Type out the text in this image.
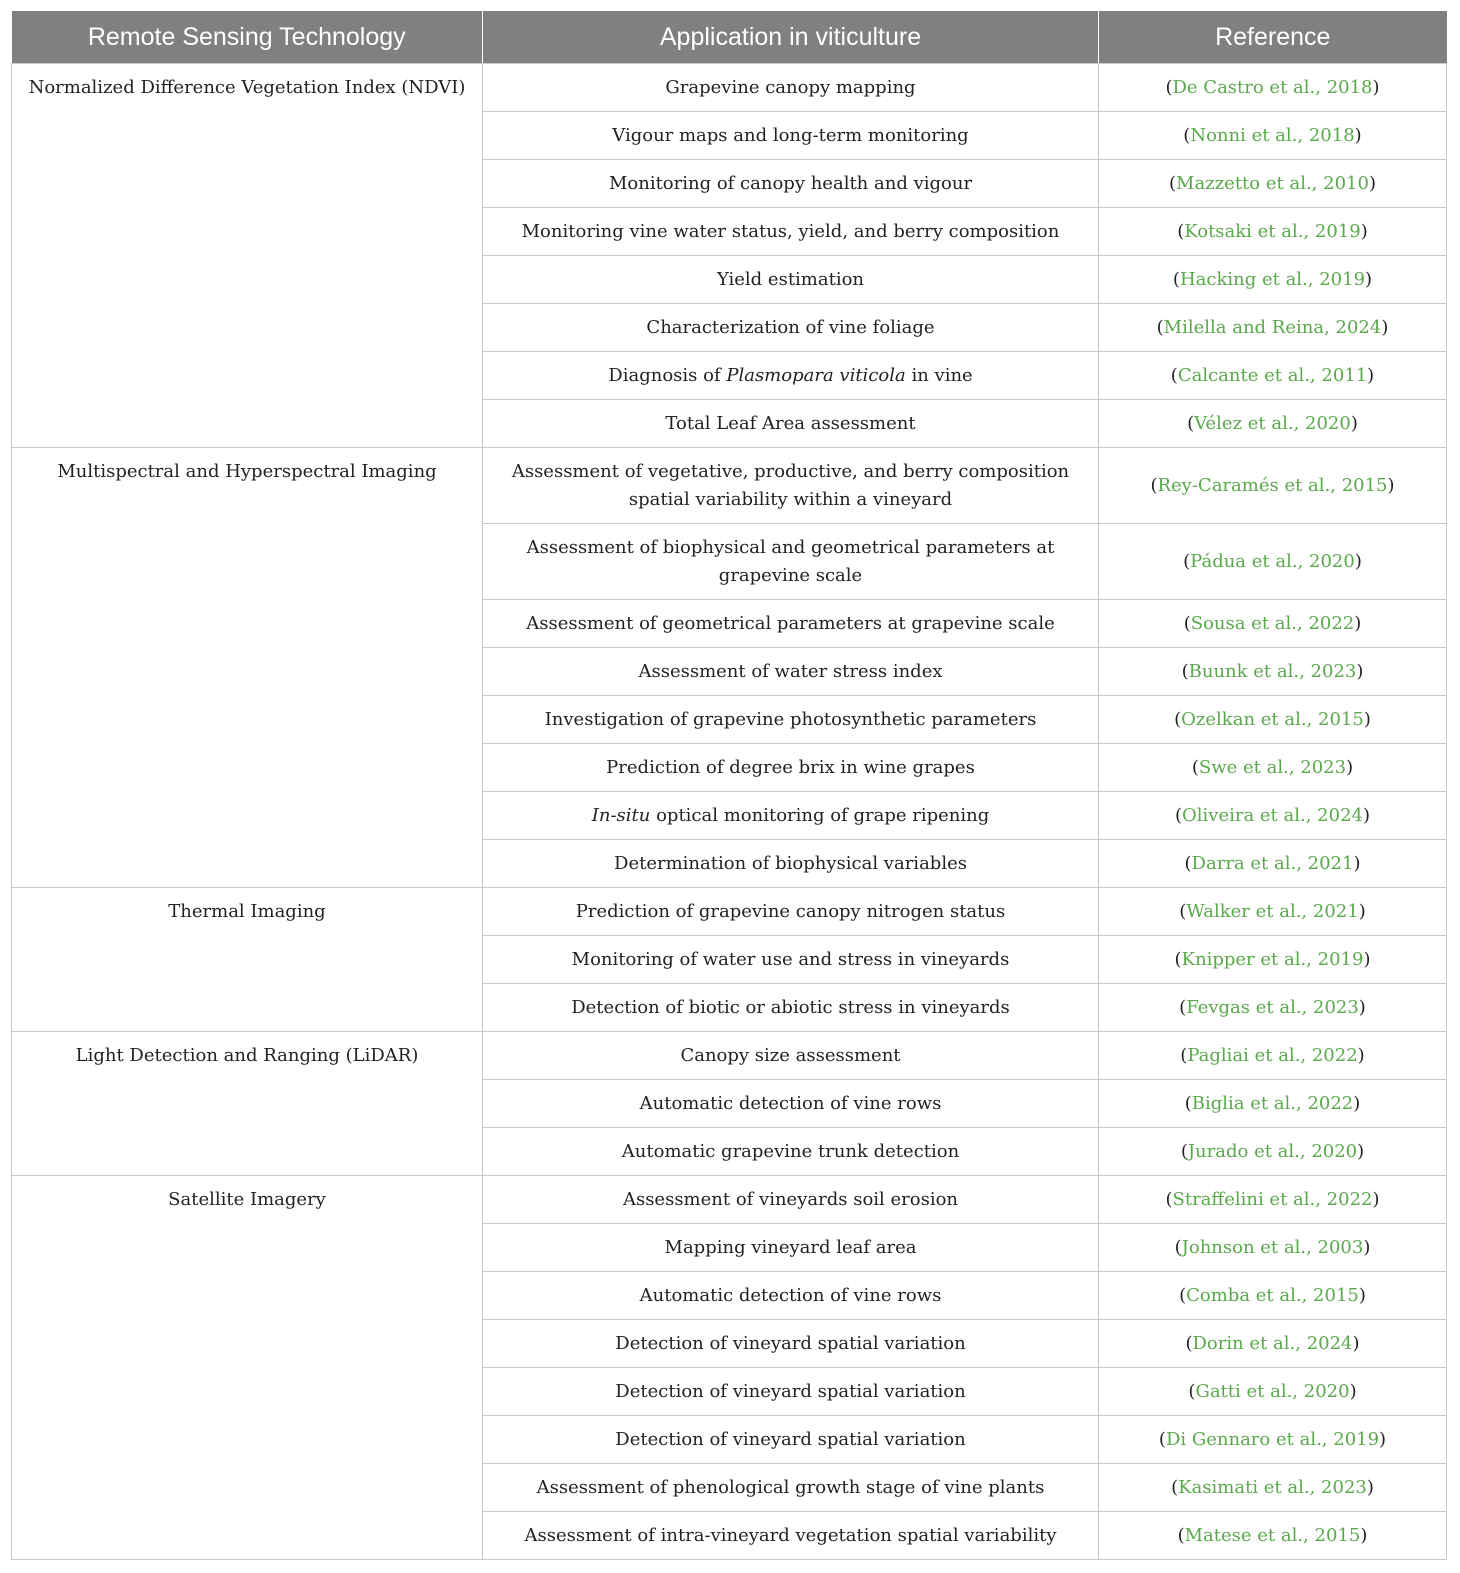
Remote Sensing Technology	Application in viticulture	Reference
Normalized Difference Vegetation Index (NDVI)	Grapevine canopy mapping	(De Castro et al., 2018)
	Vigour maps and long-term monitoring	(Nonni et al., 2018)
	Monitoring of canopy health and vigour	(Mazzetto et al., 2010)
	Monitoring vine water status, yield, and berry composition	(Kotsaki et al., 2019)
	Yield estimation	(Hacking et al., 2019)
	Characterization of vine foliage	(Milella and Reina, 2024)
	Diagnosis of Plasmopara viticola in vine	(Calcante et al., 2011)
	Total Leaf Area assessment	(Vélez et al., 2020)
Multispectral and Hyperspectral Imaging	Assessment of vegetative, productive, and berry composition spatial variability within a vineyard	(Rey-Caramés et al., 2015)
	Assessment of biophysical and geometrical parameters at grapevine scale	(Pádua et al., 2020)
	Assessment of geometrical parameters at grapevine scale	(Sousa et al., 2022)
	Assessment of water stress index	(Buunk et al., 2023)
	Investigation of grapevine photosynthetic parameters	(Ozelkan et al., 2015)
	Prediction of degree brix in wine grapes	(Swe et al., 2023)
	In-situ optical monitoring of grape ripening	(Oliveira et al., 2024)
	Determination of biophysical variables	(Darra et al., 2021)
Thermal Imaging	Prediction of grapevine canopy nitrogen status	(Walker et al., 2021)
	Monitoring of water use and stress in vineyards	(Knipper et al., 2019)
	Detection of biotic or abiotic stress in vineyards	(Fevgas et al., 2023)
Light Detection and Ranging (LiDAR)	Canopy size assessment	(Pagliai et al., 2022)
	Automatic detection of vine rows	(Biglia et al., 2022)
	Automatic grapevine trunk detection	(Jurado et al., 2020)
Satellite Imagery	Assessment of vineyards soil erosion	(Straffelini et al., 2022)
	Mapping vineyard leaf area	(Johnson et al., 2003)
	Automatic detection of vine rows	(Comba et al., 2015)
	Detection of vineyard spatial variation	(Dorin et al., 2024)
	Detection of vineyard spatial variation	(Gatti et al., 2020)
	Detection of vineyard spatial variation	(Di Gennaro et al., 2019)
	Assessment of phenological growth stage of vine plants	(Kasimati et al., 2023)
	Assessment of intra-vineyard vegetation spatial variability	(Matese et al., 2015)
